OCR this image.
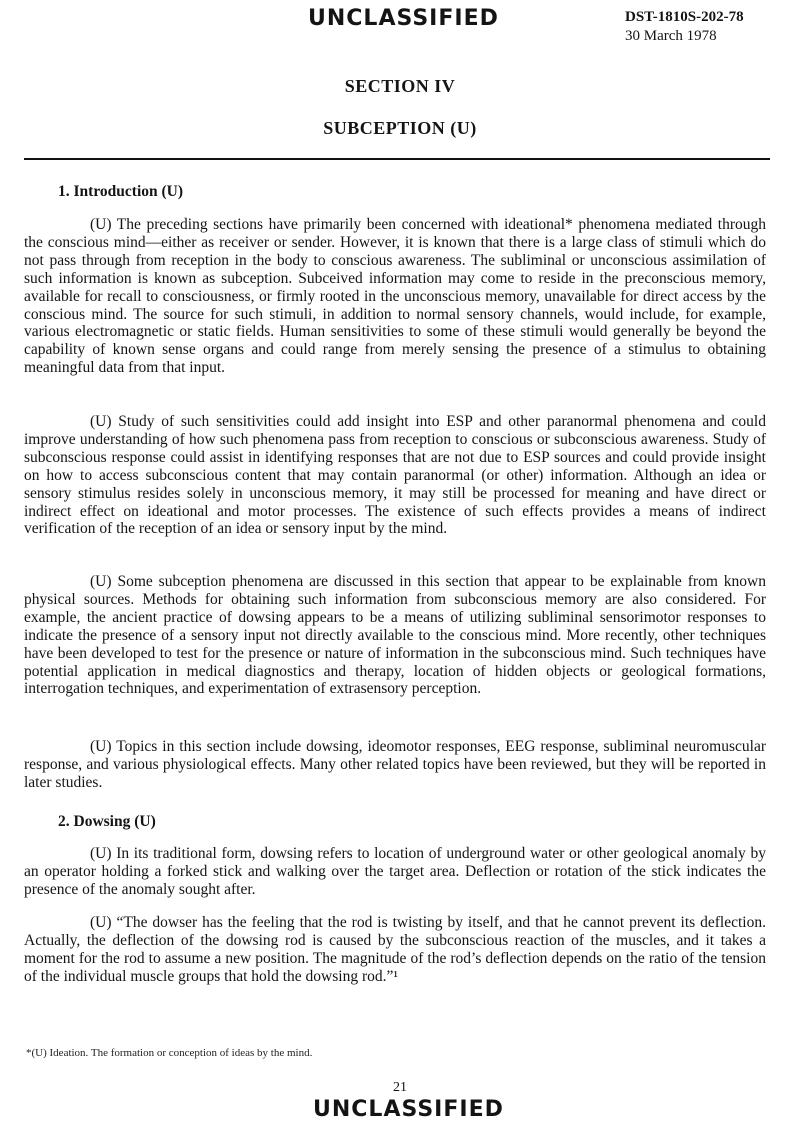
UNCLASSIFIED	DST-1810S-202-78
30 March 1978
SECTION IV
SUBCEPTION (U)
1. Introduction (U)
(U) The preceding sections have primarily been concerned with ideational* phenomena mediated through the conscious mind—either as receiver or sender. However, it is known that there is a large class of stimuli which do not pass through from reception in the body to conscious awareness. The subliminal or unconscious assimilation of such information is known as subception. Subceived information may come to reside in the preconscious memory, available for recall to consciousness, or firmly rooted in the unconscious memory, unavailable for direct access by the conscious mind. The source for such stimuli, in addition to normal sensory channels, would include, for example, various electromagnetic or static fields. Human sensitivities to some of these stimuli would generally be beyond the capability of known sense organs and could range from merely sensing the presence of a stimulus to obtaining meaningful data from that input.
(U) Study of such sensitivities could add insight into ESP and other paranormal phenomena and could improve understanding of how such phenomena pass from reception to conscious or subconscious awareness. Study of subconscious response could assist in identifying responses that are not due to ESP sources and could provide insight on how to access subconscious content that may contain paranormal (or other) information. Although an idea or sensory stimulus resides solely in unconscious memory, it may still be processed for meaning and have direct or indirect effect on ideational and motor processes. The existence of such effects provides a means of indirect verification of the reception of an idea or sensory input by the mind.
(U) Some subception phenomena are discussed in this section that appear to be explainable from known physical sources. Methods for obtaining such information from subconscious memory are also considered. For example, the ancient practice of dowsing appears to be a means of utilizing subliminal sensorimotor responses to indicate the presence of a sensory input not directly available to the conscious mind. More recently, other techniques have been developed to test for the presence or nature of information in the subconscious mind. Such techniques have potential application in medical diagnostics and therapy, location of hidden objects or geological formations, interrogation techniques, and experimentation of extrasensory perception.
(U) Topics in this section include dowsing, ideomotor responses, EEG response, subliminal neuromuscular response, and various physiological effects. Many other related topics have been reviewed, but they will be reported in later studies.
2. Dowsing (U)
(U) In its traditional form, dowsing refers to location of underground water or other geological anomaly by an operator holding a forked stick and walking over the target area. Deflection or rotation of the stick indicates the presence of the anomaly sought after.
(U) “The dowser has the feeling that the rod is twisting by itself, and that he cannot prevent its deflection. Actually, the deflection of the dowsing rod is caused by the subconscious reaction of the muscles, and it takes a moment for the rod to assume a new position. The magnitude of the rod’s deflection depends on the ratio of the tension of the individual muscle groups that hold the dowsing rod.”¹
*(U) Ideation. The formation or conception of ideas by the mind.
21
UNCLASSIFIED
